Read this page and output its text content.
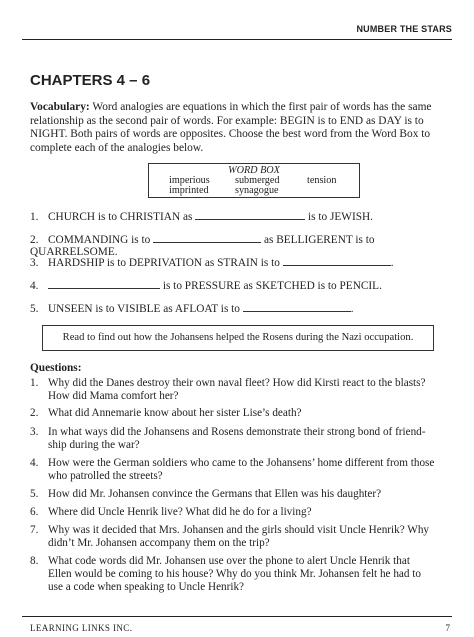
NUMBER THE STARS
CHAPTERS 4 – 6
Vocabulary: Word analogies are equations in which the first pair of words has the same
relationship as the second pair of words. For example: BEGIN is to END as DAY is to
NIGHT. Both pairs of words are opposites. Choose the best word from the Word Box to
complete each of the analogies below.
WORD BOX
imperious submerged	tension
imprinted	synagogue
1. CHURCH is to CHRISTIAN as	is to JEWISH.
2. COMMANDING is to	as BELLIGERENT is to QUARRELSOME.
3. HARDSHIP is to DEPRIVATION as STRAIN is to	.
4.	is to PRESSURE as SKETCHED is to PENCIL.
5. UNSEEN is to VISIBLE as AFLOAT is to	.
Read to find out how the Johansens helped the Rosens during the Nazi occupation.
Questions:
1. Why did the Danes destroy their own naval fleet? How did Kirsti react to the blasts?
How did Mama comfort her?
2. What did Annemarie know about her sister Lise’s death?
3. In what ways did the Johansens and Rosens demonstrate their strong bond of friend-
ship during the war?
4. How were the German soldiers who came to the Johansens’ home different from those
who patrolled the streets?
5. How did Mr. Johansen convince the Germans that Ellen was his daughter?
6. Where did Uncle Henrik live? What did he do for a living?
7. Why was it decided that Mrs. Johansen and the girls should visit Uncle Henrik? Why
didn’t Mr. Johansen accompany them on the trip?
8. What code words did Mr. Johansen use over the phone to alert Uncle Henrik that
Ellen would be coming to his house? Why do you think Mr. Johansen felt he had to
use a code when speaking to Uncle Henrik?
LEARNING LINKS INC.	7
